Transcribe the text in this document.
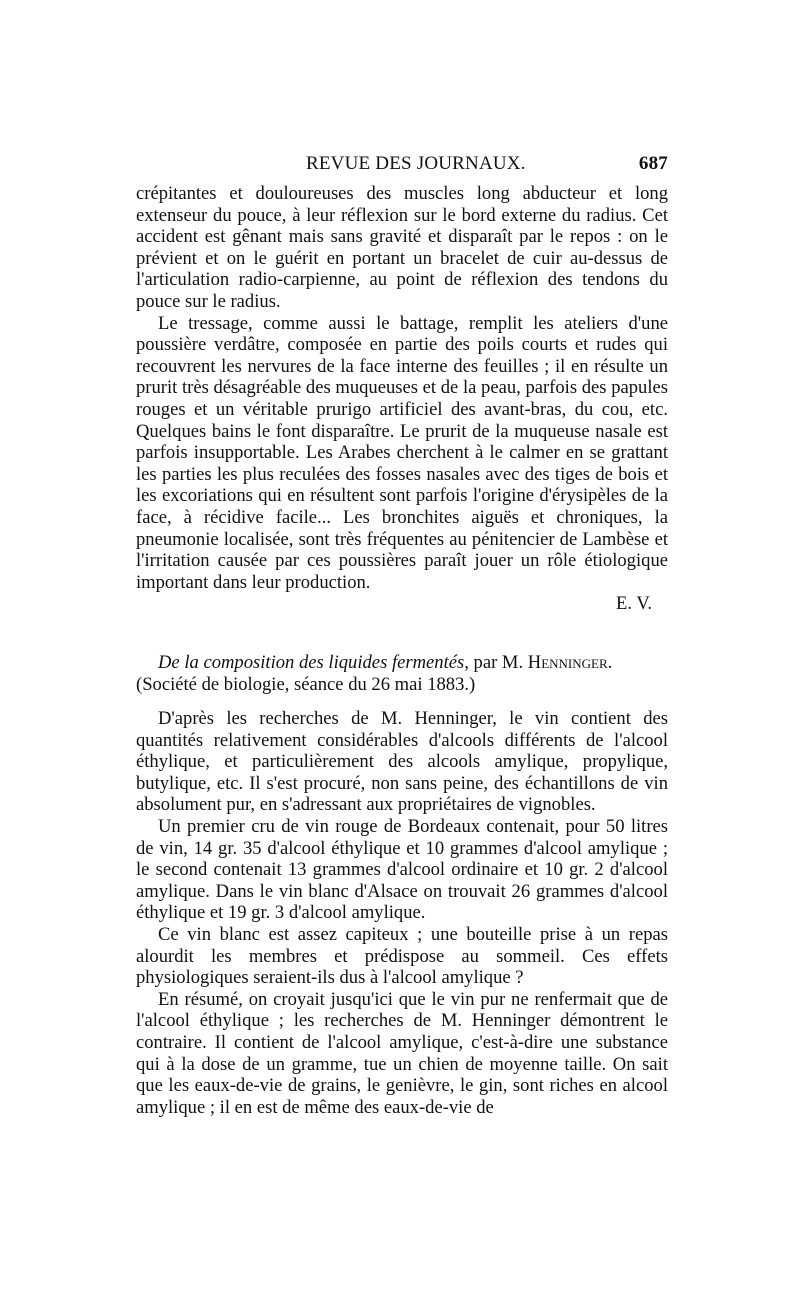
REVUE DES JOURNAUX.	687

crépitantes et douloureuses des muscles long abducteur et long extenseur du pouce, à leur réflexion sur le bord externe du radius. Cet accident est gênant mais sans gravité et disparaît par le repos : on le prévient et on le guérit en portant un bracelet de cuir au-dessus de l'articulation radio-carpienne, au point de réflexion des tendons du pouce sur le radius.

Le tressage, comme aussi le battage, remplit les ateliers d'une poussière verdâtre, composée en partie des poils courts et rudes qui recouvrent les nervures de la face interne des feuilles ; il en résulte un prurit très désagréable des muqueuses et de la peau, parfois des papules rouges et un véritable prurigo artificiel des avant-bras, du cou, etc. Quelques bains le font disparaître. Le prurit de la muqueuse nasale est parfois insupportable. Les Arabes cherchent à le calmer en se grattant les parties les plus reculées des fosses nasales avec des tiges de bois et les excoriations qui en résultent sont parfois l'origine d'érysipèles de la face, à récidive facile... Les bronchites aiguës et chroniques, la pneumonie localisée, sont très fréquentes au pénitencier de Lambèse et l'irritation causée par ces poussières paraît jouer un rôle étiologique important dans leur production.

E. V.

De la composition des liquides fermentés, par M. Henninger.

(Société de biologie, séance du 26 mai 1883.)

D'après les recherches de M. Henninger, le vin contient des quantités relativement considérables d'alcools différents de l'alcool éthylique, et particulièrement des alcools amylique, propylique, butylique, etc. Il s'est procuré, non sans peine, des échantillons de vin absolument pur, en s'adressant aux propriétaires de vignobles.

Un premier cru de vin rouge de Bordeaux contenait, pour 50 litres de vin, 14 gr. 35 d'alcool éthylique et 10 grammes d'alcool amylique ; le second contenait 13 grammes d'alcool ordinaire et 10 gr. 2 d'alcool amylique. Dans le vin blanc d'Alsace on trouvait 26 grammes d'alcool éthylique et 19 gr. 3 d'alcool amylique.

Ce vin blanc est assez capiteux ; une bouteille prise à un repas alourdit les membres et prédispose au sommeil. Ces effets physiologiques seraient-ils dus à l'alcool amylique ?

En résumé, on croyait jusqu'ici que le vin pur ne renfermait que de l'alcool éthylique ; les recherches de M. Henninger démontrent le contraire. Il contient de l'alcool amylique, c'est-à-dire une substance qui à la dose de un gramme, tue un chien de moyenne taille. On sait que les eaux-de-vie de grains, le genièvre, le gin, sont riches en alcool amylique ; il en est de même des eaux-de-vie de
